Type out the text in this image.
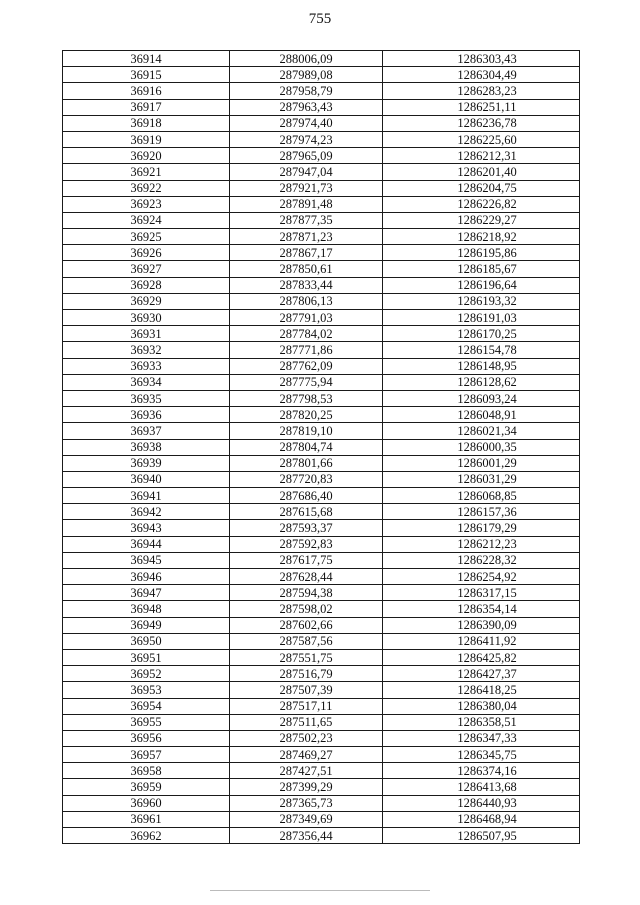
755
36914	288006,09	1286303,43
36915	287989,08	1286304,49
36916	287958,79	1286283,23
36917	287963,43	1286251,11
36918	287974,40	1286236,78
36919	287974,23	1286225,60
36920	287965,09	1286212,31
36921	287947,04	1286201,40
36922	287921,73	1286204,75
36923	287891,48	1286226,82
36924	287877,35	1286229,27
36925	287871,23	1286218,92
36926	287867,17	1286195,86
36927	287850,61	1286185,67
36928	287833,44	1286196,64
36929	287806,13	1286193,32
36930	287791,03	1286191,03
36931	287784,02	1286170,25
36932	287771,86	1286154,78
36933	287762,09	1286148,95
36934	287775,94	1286128,62
36935	287798,53	1286093,24
36936	287820,25	1286048,91
36937	287819,10	1286021,34
36938	287804,74	1286000,35
36939	287801,66	1286001,29
36940	287720,83	1286031,29
36941	287686,40	1286068,85
36942	287615,68	1286157,36
36943	287593,37	1286179,29
36944	287592,83	1286212,23
36945	287617,75	1286228,32
36946	287628,44	1286254,92
36947	287594,38	1286317,15
36948	287598,02	1286354,14
36949	287602,66	1286390,09
36950	287587,56	1286411,92
36951	287551,75	1286425,82
36952	287516,79	1286427,37
36953	287507,39	1286418,25
36954	287517,11	1286380,04
36955	287511,65	1286358,51
36956	287502,23	1286347,33
36957	287469,27	1286345,75
36958	287427,51	1286374,16
36959	287399,29	1286413,68
36960	287365,73	1286440,93
36961	287349,69	1286468,94
36962	287356,44	1286507,95
